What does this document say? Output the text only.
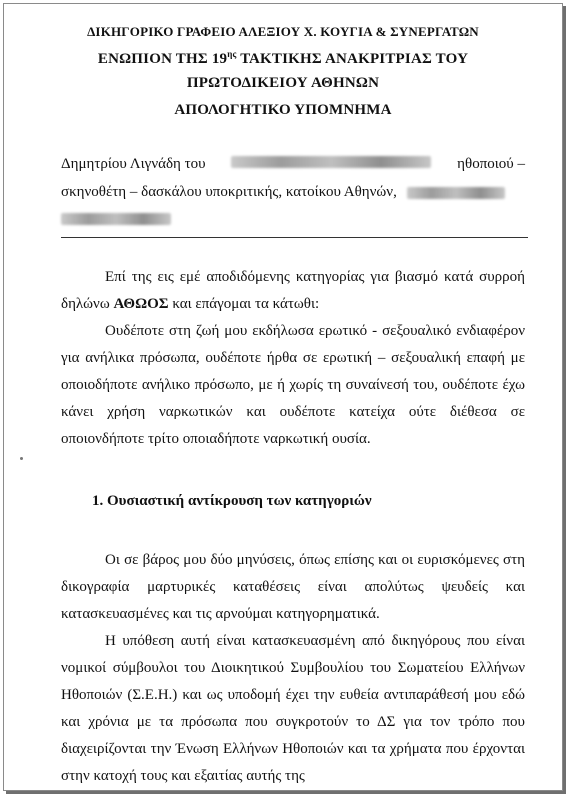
ΔΙΚΗΓΟΡΙΚΟ ΓΡΑΦΕΙΟ ΑΛΕΞΙΟΥ Χ. ΚΟΥΓΙΑ & ΣΥΝΕΡΓΑΤΩΝ
ΕΝΩΠΙΟΝ ΤΗΣ $19^{\eta\varsigma}$ ΤΑΚΤΙΚΗΣ ΑΝΑΚΡΙΤΡΙΑΣ ΤΟΥ
ΠΡΩΤΟΔΙΚΕΙΟΥ ΑΘΗΝΩΝ
ΑΠΟΛΟΓΗΤΙΚΟ ΥΠΟΜΝΗΜΑ
Δημητρίου Λιγνάδη του	ηθοποιού –
σκηνοθέτη – δασκάλου υποκριτικής, κατοίκου Αθηνών,
Επί της εις εμέ αποδιδόμενης κατηγορίας για βιασμό κατά συρροή δηλώνω ΑΘΩΟΣ και επάγομαι τα κάτωθι:
Ουδέποτε στη ζωή μου εκδήλωσα ερωτικό - σεξουαλικό ενδιαφέρον για ανήλικα πρόσωπα, ουδέποτε ήρθα σε ερωτική – σεξουαλική επαφή με οποιοδήποτε ανήλικο πρόσωπο, με ή χωρίς τη συναίνεσή του, ουδέποτε έχω κάνει χρήση ναρκωτικών και ουδέποτε κατείχα ούτε διέθεσα σε οποιονδήποτε τρίτο οποιαδήποτε ναρκωτική ουσία.
1. Ουσιαστική αντίκρουση των κατηγοριών
Οι σε βάρος μου δύο μηνύσεις, όπως επίσης και οι ευρισκόμενες στη δικογραφία μαρτυρικές καταθέσεις είναι απολύτως ψευδείς και κατασκευασμένες και τις αρνούμαι κατηγορηματικά.
Η υπόθεση αυτή είναι κατασκευασμένη από δικηγόρους που είναι νομικοί σύμβουλοι του Διοικητικού Συμβουλίου του Σωματείου Ελλήνων Ηθοποιών (Σ.Ε.Η.) και ως υποδομή έχει την ευθεία αντιπαράθεσή μου εδώ και χρόνια με τα πρόσωπα που συγκροτούν το ΔΣ για τον τρόπο που διαχειρίζονται την Ένωση Ελλήνων Ηθοποιών και τα χρήματα που έρχονται στην κατοχή τους και εξαιτίας αυτής της
